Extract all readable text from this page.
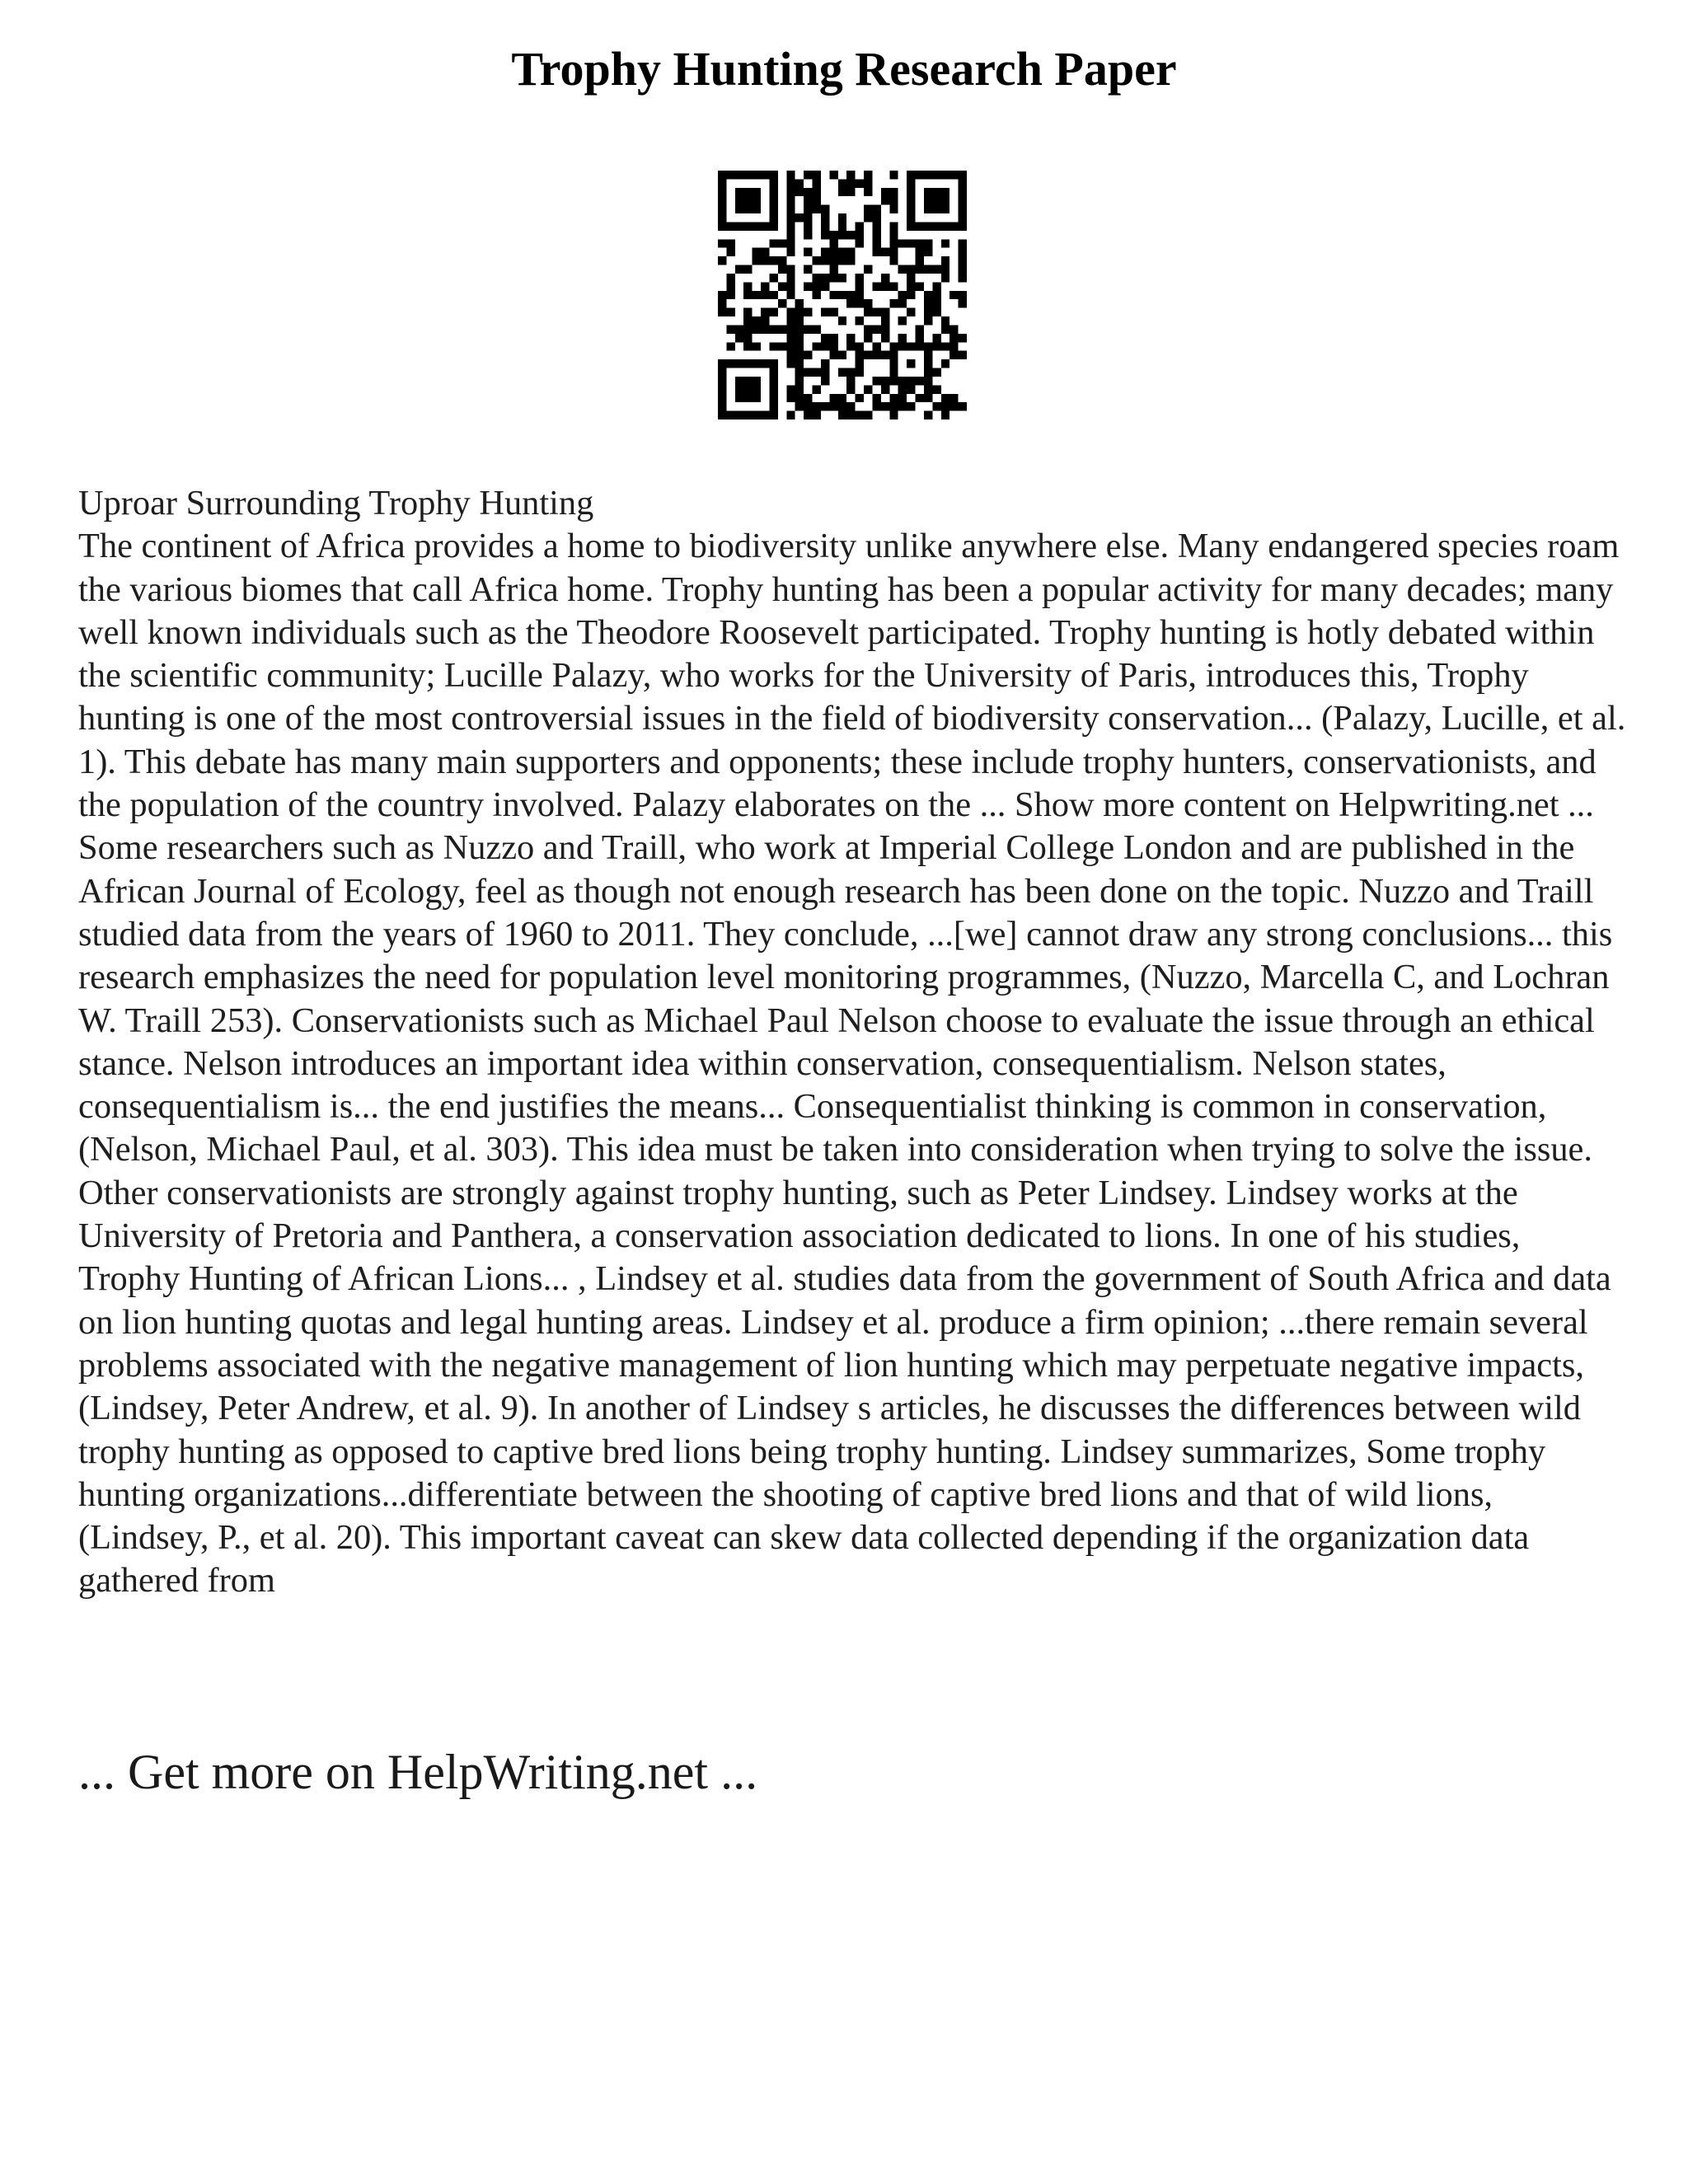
Trophy Hunting Research Paper

Uproar Surrounding Trophy Hunting

The continent of Africa provides a home to biodiversity unlike anywhere else. Many endangered species roam the various biomes that call Africa home. Trophy hunting has been a popular activity for many decades; many well known individuals such as the Theodore Roosevelt participated. Trophy hunting is hotly debated within the scientific community; Lucille Palazy, who works for the University of Paris, introduces this, Trophy hunting is one of the most controversial issues in the field of biodiversity conservation... (Palazy, Lucille, et al. 1). This debate has many main supporters and opponents; these include trophy hunters, conservationists, and the population of the country involved. Palazy elaborates on the ... Show more content on Helpwriting.net ...

Some researchers such as Nuzzo and Traill, who work at Imperial College London and are published in the African Journal of Ecology, feel as though not enough research has been done on the topic. Nuzzo and Traill studied data from the years of 1960 to 2011. They conclude, ...[we] cannot draw any strong conclusions... this research emphasizes the need for population level monitoring programmes, (Nuzzo, Marcella C, and Lochran W. Traill 253). Conservationists such as Michael Paul Nelson choose to evaluate the issue through an ethical stance. Nelson introduces an important idea within conservation, consequentialism. Nelson states, consequentialism is... the end justifies the means... Consequentialist thinking is common in conservation, (Nelson, Michael Paul, et al. 303). This idea must be taken into consideration when trying to solve the issue. Other conservationists are strongly against trophy hunting, such as Peter Lindsey. Lindsey works at the University of Pretoria and Panthera, a conservation association dedicated to lions. In one of his studies, Trophy Hunting of African Lions... , Lindsey et al. studies data from the government of South Africa and data on lion hunting quotas and legal hunting areas. Lindsey et al. produce a firm opinion; ...there remain several problems associated with the negative management of lion hunting which may perpetuate negative impacts, (Lindsey, Peter Andrew, et al. 9). In another of Lindsey s articles, he discusses the differences between wild trophy hunting as opposed to captive bred lions being trophy hunting. Lindsey summarizes, Some trophy hunting organizations...differentiate between the shooting of captive bred lions and that of wild lions, (Lindsey, P., et al. 20). This important caveat can skew data collected depending if the organization data gathered from

... Get more on HelpWriting.net ...
